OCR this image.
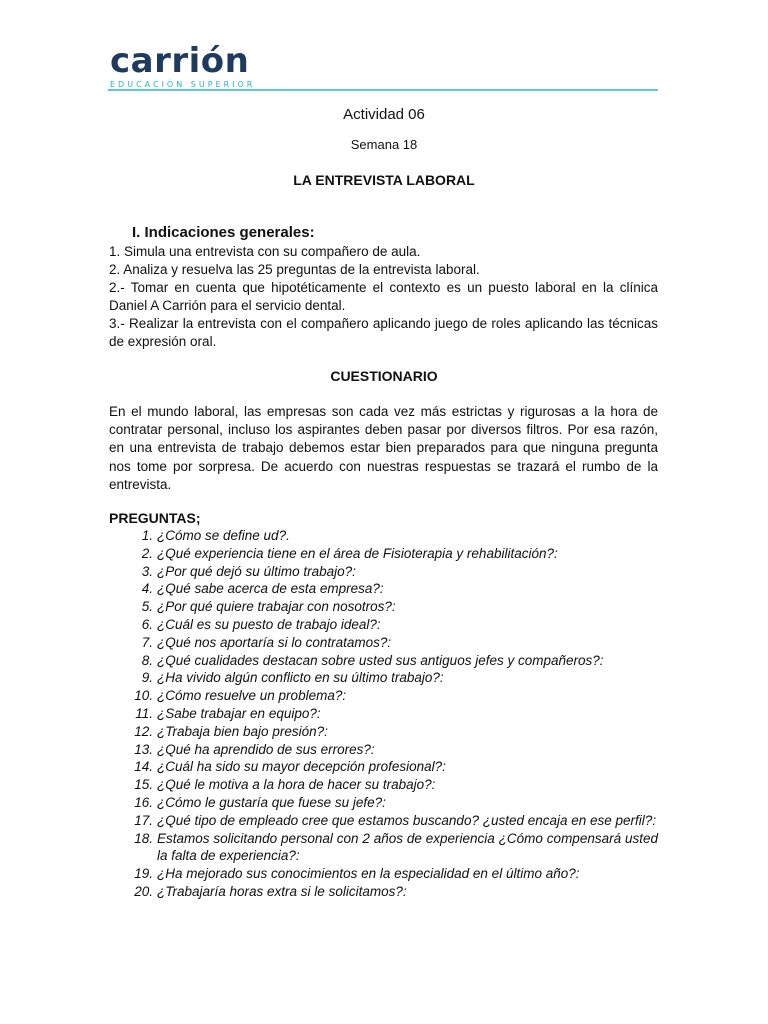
carrión
EDUCACIÓN SUPERIOR
Actividad 06
Semana 18
LA ENTREVISTA LABORAL
I. Indicaciones generales:

1. Simula una entrevista con su compañero de aula.

2. Analiza y resuelva las 25 preguntas de la entrevista laboral.

2.- Tomar en cuenta que hipotéticamente el contexto es un puesto laboral en la clínica Daniel A Carrión para el servicio dental.

3.- Realizar la entrevista con el compañero aplicando juego de roles aplicando las técnicas de expresión oral.

CUESTIONARIO

En el mundo laboral, las empresas son cada vez más estrictas y rigurosas a la hora de contratar personal, incluso los aspirantes deben pasar por diversos filtros. Por esa razón, en una entrevista de trabajo debemos estar bien preparados para que ninguna pregunta nos tome por sorpresa. De acuerdo con nuestras respuestas se trazará el rumbo de la entrevista.

PREGUNTAS;
1. ¿Cómo se define ud?.
2. ¿Qué experiencia tiene en el área de Fisioterapia y rehabilitación?:
3. ¿Por qué dejó su último trabajo?:
4. ¿Qué sabe acerca de esta empresa?:
5. ¿Por qué quiere trabajar con nosotros?:
6. ¿Cuál es su puesto de trabajo ideal?:
7. ¿Qué nos aportaría si lo contratamos?:
8. ¿Qué cualidades destacan sobre usted sus antiguos jefes y compañeros?:
9. ¿Ha vivido algún conflicto en su último trabajo?:
10. ¿Cómo resuelve un problema?:
11. ¿Sabe trabajar en equipo?:
12. ¿Trabaja bien bajo presión?:
13. ¿Qué ha aprendido de sus errores?:
14. ¿Cuál ha sido su mayor decepción profesional?:
15. ¿Qué le motiva a la hora de hacer su trabajo?:
16. ¿Cómo le gustaría que fuese su jefe?:
17. ¿Qué tipo de empleado cree que estamos buscando? ¿usted encaja en ese perfil?:
18. Estamos solicitando personal con 2 años de experiencia ¿Cómo compensará usted la falta de experiencia?:
19. ¿Ha mejorado sus conocimientos en la especialidad en el último año?:
20. ¿Trabajaría horas extra si le solicitamos?:
